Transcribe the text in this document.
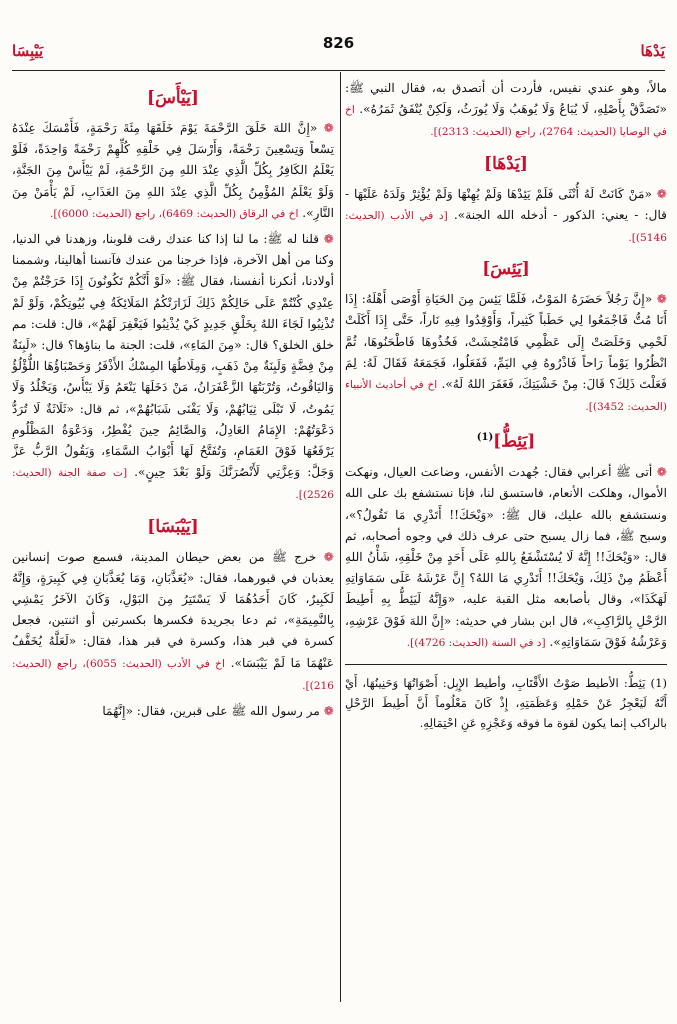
يَدْهَا
826
يَيْبِسَا

مالاً، وهو عندي نفيس، فأردت أن أتصدق به، فقال النبي ﷺ: «تَصَدَّقْ بِأَصْلِهِ، لَا يُبَاعُ وَلَا يُوهَبُ وَلَا يُورَثُ، وَلَكِنْ يُنْفَقُ ثَمَرُهُ». اخ في الوصايا (الحديث: 2764)، راجع (الحديث: 2313)].

[يَدْهَا]

❁ «مَنْ كَانَتْ لَهُ أُنْثَى فَلَمْ يَئِدْهَا وَلَمْ يُهِنْهَا وَلَمْ يُؤْثِرْ وَلَدَهُ عَلَيْهَا - قال: - يعني: الذكور - أدخله الله الجنة». [د في الأدب (الحديث: 5146)].

[يَئِسَ]

❁ «إِنَّ رَجُلاً حَضَرَهُ المَوْتُ، فَلَمَّا يَئِسَ مِنَ الحَيَاةِ أَوْصَى أَهْلَهُ: إِذَا أَنَا مُتُّ فَاجْمَعُوا لِي حَطَباً كَثِيراً، وَأَوْقِدُوا فِيهِ نَاراً، حَتَّى إِذَا أَكَلَتْ لَحْمِي وَخَلَصَتْ إِلَى عَظْمِي فَامْتُحِشَتْ، فَخُذُوهَا فَاطْحَنُوهَا، ثُمَّ انْظُرُوا يَوْماً رَاحاً فَاذْرُوهُ فِي اليَمِّ، فَفَعَلُوا، فَجَمَعَهُ فَقَالَ لَهُ: لِمَ فَعَلْتَ ذَلِكَ؟ قَالَ: مِنْ خَشْيَتِكَ، فَغَفَرَ اللهُ لَهُ». اخ في أحاديث الأنبياء (الحديث: 3452)].

[يَئِطُّ]$^{(1)}$

❁ أتى ﷺ أعرابي فقال: جُهدت الأنفس، وضاعت العيال، ونهكت الأموال، وهلكت الأنعام، فاستسق لنا، فإنا نستشفع بك على الله ونستشفع بالله عليك، قال ﷺ: «وَيْحَكَ!! أَتَدْرِي مَا تَقُولُ؟»، وسبح ﷺ، فما زال يسبح حتى عرف ذلك في وجوه أصحابه، ثم قال: «وَيْحَكَ!! إِنَّهُ لَا يُسْتَشْفَعُ بِاللهِ عَلَى أَحَدٍ مِنْ خَلْقِهِ، شَأْنُ اللهِ أَعْظَمُ مِنْ ذَلِكَ، وَيْحَكَ!! أَتَدْرِي مَا اللهُ؟ إِنَّ عَرْشَهُ عَلَى سَمَاوَاتِهِ لَهَكَذَا»، وقال بأصابعه مثل القبة عليه، «وَإِنَّهُ لَيَئِطُّ بِهِ أَطِيطَ الرَّحْلِ بِالرَّاكِبِ»، قال ابن بشار في حديثه: «إِنَّ اللهَ فَوْقَ عَرْشِهِ، وَعَرْشُهُ فَوْقَ سَمَاوَاتِهِ». [د في السنة (الحديث: 4726)].

(1) يَئِطُّ: الأطيط صَوْتُ الأَقْتَابِ، وأطيط الإِبِل: أَصْوَاتُهَا وَحَنِينُهَا، أَيْ أَنَّهُ لَيَعْجِزُ عَنْ حَمْلِهِ وَعَظَمَتِهِ، إِذْ كَانَ مَعْلُوماً أَنَّ أَطِيطَ الرَّحْلِ بالراكب إنما يكون لقوة ما فوقه وَعَجْزِهِ عَنِ احْتِمَالِهِ.

[يَيْأَسَ]

❁ «إِنَّ اللهَ خَلَقَ الرَّحْمَةَ يَوْمَ خَلَقَهَا مِئَةَ رَحْمَةٍ، فَأَمْسَكَ عِنْدَهُ تِسْعاً وَتِسْعِينَ رَحْمَةً، وَأَرْسَلَ فِي خَلْقِهِ كُلِّهِمْ رَحْمَةً وَاحِدَةً، فَلَوْ يَعْلَمُ الكَافِرُ بِكُلِّ الَّذِي عِنْدَ اللهِ مِنَ الرَّحْمَةِ، لَمْ يَيْأَسْ مِنَ الجَنَّةِ، وَلَوْ يَعْلَمُ المُؤْمِنُ بِكُلِّ الَّذِي عِنْدَ اللهِ مِنَ العَذَابِ، لَمْ يَأْمَنْ مِنَ النَّارِ». اخ في الرقاق (الحديث: 6469)، راجع (الحديث: 6000)].

❁ قلنا له ﷺ: ما لنا إذا كنا عندك رقت قلوبنا، وزهدنا في الدنيا، وكنا من أهل الآخرة، فإذا خرجنا من عندك فآنسنا أهالينا، وشممنا أولادنا، أنكرنا أنفسنا، فقال ﷺ: «لَوْ أَنَّكُمْ تَكُونُونَ إِذَا خَرَجْتُمْ مِنْ عِنْدِي كُنْتُمْ عَلَى حَالِكُمْ ذَلِكَ لَزَارَتْكُمُ المَلَائِكَةُ فِي بُيُوتِكُمْ، وَلَوْ لَمْ تُذْنِبُوا لَجَاءَ اللهُ بِخَلْقٍ جَدِيدٍ كَيْ يُذْنِبُوا فَيَغْفِرَ لَهُمْ»، قال: قلت: مم خلق الخلق؟ قال: «مِنَ المَاءِ»، قلت: الجنة ما بناؤها؟ قال: «لَبِنَةٌ مِنْ فِضَّةٍ وَلَبِنَةٌ مِنْ ذَهَبٍ، وَمِلَاطُهَا المِسْكُ الأَذْفَرُ وَحَصْبَاؤُهَا اللُّؤْلُؤُ وَاليَاقُوتُ، وَتُرْبَتُهَا الزَّعْفَرَانُ، مَنْ دَخَلَهَا يَنْعَمُ وَلَا يَبْأَسُ، وَيَخْلُدُ وَلَا يَمُوتُ، لَا تَبْلَى ثِيَابُهُمْ، وَلَا يَفْنَى شَبَابُهُمْ»، ثم قال: «ثَلَاثَةٌ لَا تُرَدُّ دَعْوَتُهُمْ: الإِمَامُ العَادِلُ، وَالصَّائِمُ حِينَ يُفْطِرُ، وَدَعْوَةُ المَظْلُومِ يَرْفَعُهَا فَوْقَ الغَمَامِ، وَتُفَتَّحُ لَهَا أَبْوَابُ السَّمَاءِ، وَيَقُولُ الرَّبُّ عَزَّ وَجَلَّ: وَعِزَّتِي لَأَنْصُرَنَّكَ وَلَوْ بَعْدَ حِينٍ». [ت صفة الجنة (الحديث: 2526)].

[يَيْبَسَا]

❁ خرج ﷺ من بعض حيطان المدينة، فسمع صوت إنسانين يعذبان في قبورهما، فقال: «يُعَذَّبَانِ، وَمَا يُعَذَّبَانِ فِي كَبِيرَةٍ، وَإِنَّهُ لَكَبِيرٌ، كَانَ أَحَدُهُمَا لَا يَسْتَتِرُ مِنَ البَوْلِ، وَكَانَ الآخَرُ يَمْشِي بِالنَّمِيمَةِ»، ثم دعا بجريدة فكسرها بكسرتين أو اثنتين، فجعل كسرة في قبر هذا، وكسرة في قبر هذا، فقال: «لَعَلَّهُ يُخَفَّفُ عَنْهُمَا مَا لَمْ يَيْبَسَا». اخ في الأدب (الحديث: 6055)، راجع (الحديث: 216)].

❁ مر رسول الله ﷺ على قبرين، فقال: «إِنَّهُمَا
